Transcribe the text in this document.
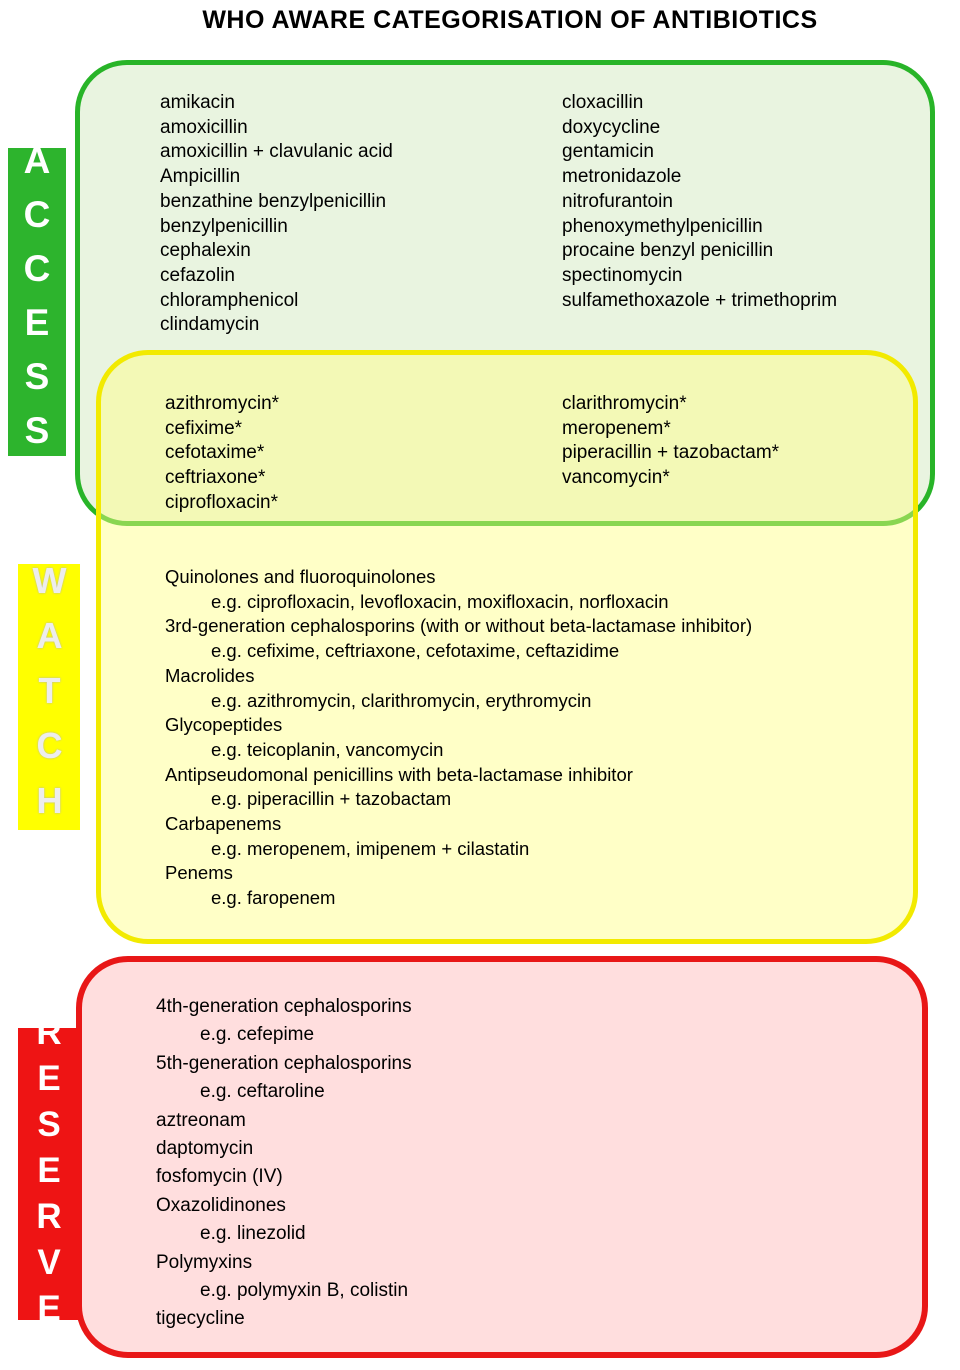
WHO AWARE CATEGORISATION OF ANTIBIOTICS
ACCESS
WATCH
RESERVE
amikacin
amoxicillin
amoxicillin + clavulanic acid
Ampicillin
benzathine benzylpenicillin
benzylpenicillin
cephalexin
cefazolin
chloramphenicol
clindamycin
cloxacillin
doxycycline
gentamicin
metronidazole
nitrofurantoin
phenoxymethylpenicillin
procaine benzyl penicillin
spectinomycin
sulfamethoxazole + trimethoprim
azithromycin*
cefixime*
cefotaxime*
ceftriaxone*
ciprofloxacin*
clarithromycin*
meropenem*
piperacillin + tazobactam*
vancomycin*
Quinolones and fluoroquinolones
e.g. ciprofloxacin, levofloxacin, moxifloxacin, norfloxacin
3rd-generation cephalosporins (with or without beta-lactamase inhibitor)
e.g. cefixime, ceftriaxone, cefotaxime, ceftazidime
Macrolides
e.g. azithromycin, clarithromycin, erythromycin
Glycopeptides
e.g. teicoplanin, vancomycin
Antipseudomonal penicillins with beta-lactamase inhibitor
e.g. piperacillin + tazobactam
Carbapenems
e.g. meropenem, imipenem + cilastatin
Penems
e.g. faropenem
4th-generation cephalosporins
e.g. cefepime
5th-generation cephalosporins
e.g. ceftaroline
aztreonam
daptomycin
fosfomycin (IV)
Oxazolidinones
e.g. linezolid
Polymyxins
e.g. polymyxin B, colistin
tigecycline
